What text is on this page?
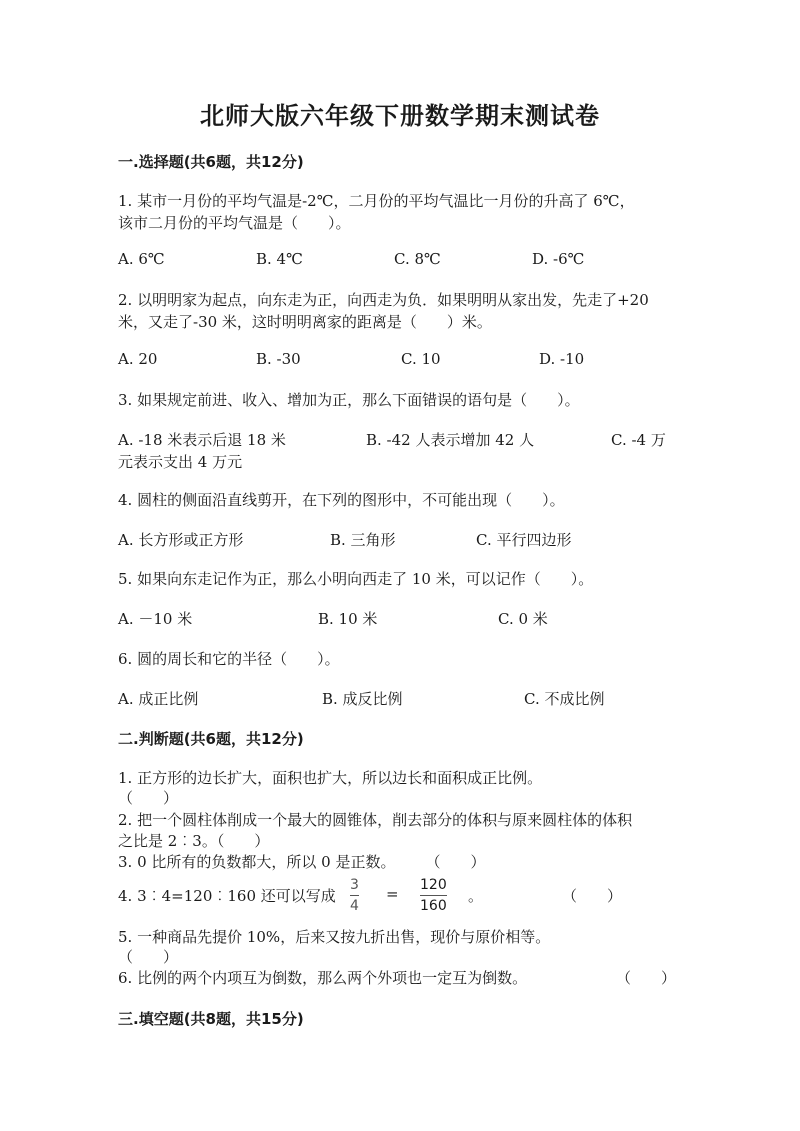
北师大版六年级下册数学期末测试卷
一.选择题(共6题，共12分)
1. 某市一月份的平均气温是-2℃，二月份的平均气温比一月份的升高了 6℃，
该市二月份的平均气温是（　　）。
A. 6℃	B. 4℃	C. 8℃	D. -6℃
2. 以明明家为起点，向东走为正，向西走为负．如果明明从家出发，先走了+20
米，又走了-30 米，这时明明离家的距离是（　　）米。
A. 20	B. -30	C. 10	D. -10
3. 如果规定前进、收入、增加为正，那么下面错误的语句是（　　）。
A. -18 米表示后退 18 米	B. -42 人表示增加 42 人	C. -4 万
元表示支出 4 万元
4. 圆柱的侧面沿直线剪开，在下列的图形中，不可能出现（　　）。
A. 长方形或正方形	B. 三角形	C. 平行四边形
5. 如果向东走记作为正，那么小明向西走了 10 米，可以记作（　　）。
A. －10 米	B. 10 米	C. 0 米
6. 圆的周长和它的半径（　　）。
A. 成正比例	B. 成反比例	C. 不成比例
二.判断题(共6题，共12分)
1. 正方形的边长扩大，面积也扩大，所以边长和面积成正比例。
（　　）
2. 把一个圆柱体削成一个最大的圆锥体，削去部分的体积与原来圆柱体的体积
之比是 2︰3。（　　）
3. 0 比所有的负数都大，所以 0 是正数。　　　（　　）
4. 3︰4=120︰160 还可以写成
3
4
= 120
160
。	（　　）
5. 一种商品先提价 10%，后来又按九折出售，现价与原价相等。
（　　）
6. 比例的两个内项互为倒数，那么两个外项也一定互为倒数。	（　　）
三.填空题(共8题，共15分)
